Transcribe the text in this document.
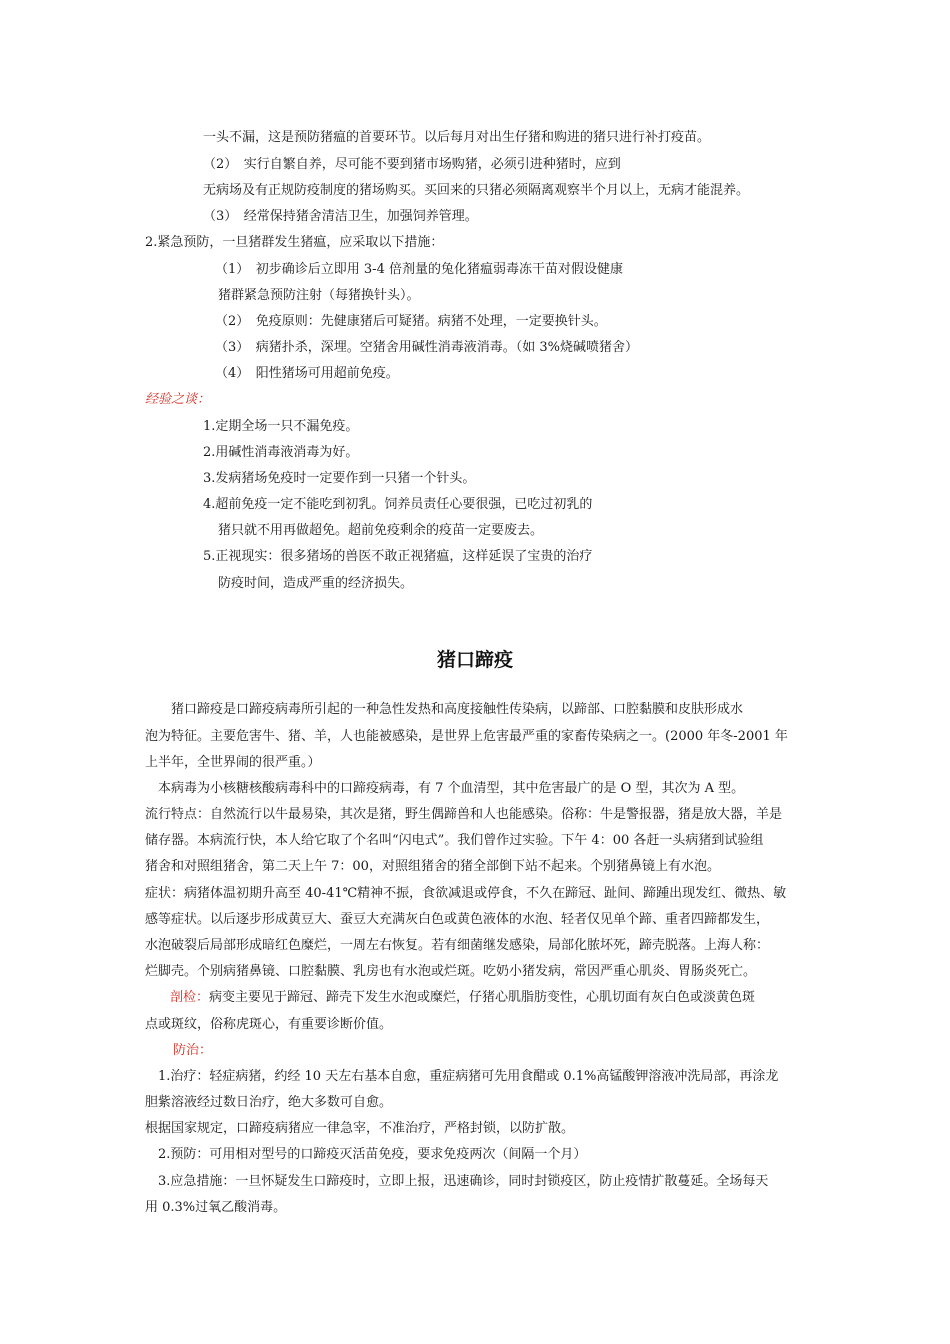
一头不漏，这是预防猪瘟的首要环节。以后每月对出生仔猪和购进的猪只进行补打疫苗。

（2）　实行自繁自养，尽可能不要到猪市场购猪，必须引进种猪时，应到

无病场及有正规防疫制度的猪场购买。买回来的只猪必须隔离观察半个月以上，无病才能混养。

（3）　经常保持猪舍清洁卫生，加强饲养管理。

2.紧急预防，一旦猪群发生猪瘟，应采取以下措施：

（1）　初步确诊后立即用 3-4 倍剂量的兔化猪瘟弱毒冻干苗对假设健康

猪群紧急预防注射（每猪换针头）。

（2）　免疫原则：先健康猪后可疑猪。病猪不处理，一定要换针头。

（3）　病猪扑杀，深埋。空猪舍用碱性消毒液消毒。（如 3%烧碱喷猪舍）

（4）　阳性猪场可用超前免疫。

经验之谈：

1.定期全场一只不漏免疫。

2.用碱性消毒液消毒为好。

3.发病猪场免疫时一定要作到一只猪一个针头。

4.超前免疫一定不能吃到初乳。饲养员责任心要很强，已吃过初乳的

猪只就不用再做超免。超前免疫剩余的疫苗一定要废去。

5.正视现实：很多猪场的兽医不敢正视猪瘟，这样延误了宝贵的治疗

防疫时间，造成严重的经济损失。

猪口蹄疫

　　猪口蹄疫是口蹄疫病毒所引起的一种急性发热和高度接触性传染病，以蹄部、口腔黏膜和皮肤形成水

泡为特征。主要危害牛、猪、羊，人也能被感染，是世界上危害最严重的家畜传染病之一。(2000 年冬-2001 年

上半年，全世界闹的很严重。）

　本病毒为小核糖核酸病毒科中的口蹄疫病毒，有 7 个血清型，其中危害最广的是 O 型，其次为 A 型。

流行特点：自然流行以牛最易染，其次是猪，野生偶蹄兽和人也能感染。俗称：牛是警报器，猪是放大器，羊是

储存器。本病流行快，本人给它取了个名叫“闪电式”。我们曾作过实验。下午 4：00 各赶一头病猪到试验组

猪舍和对照组猪舍，第二天上午 7：00，对照组猪舍的猪全部倒下站不起来。个别猪鼻镜上有水泡。

症状：病猪体温初期升高至 40-41℃精神不振，食欲减退或停食，不久在蹄冠、趾间、蹄踵出现发红、微热、敏

感等症状。以后逐步形成黄豆大、蚕豆大充满灰白色或黄色液体的水泡、轻者仅见单个蹄、重者四蹄都发生，

水泡破裂后局部形成暗红色糜烂，一周左右恢复。若有细菌继发感染，局部化脓坏死，蹄壳脱落。上海人称：

烂脚壳。个别病猪鼻镜、口腔黏膜、乳房也有水泡或烂斑。吃奶小猪发病，常因严重心肌炎、胃肠炎死亡。

剖检：病变主要见于蹄冠、蹄壳下发生水泡或糜烂，仔猪心肌脂肪变性，心肌切面有灰白色或淡黄色斑

点或斑纹，俗称虎斑心，有重要诊断价值。

防治：

　1.治疗：轻症病猪，约经 10 天左右基本自愈，重症病猪可先用食醋或 0.1%高锰酸钾溶液冲洗局部，再涂龙

胆紫溶液经过数日治疗，绝大多数可自愈。

根据国家规定，口蹄疫病猪应一律急宰，不准治疗，严格封锁，以防扩散。

　2.预防：可用相对型号的口蹄疫灭活苗免疫，要求免疫两次（间隔一个月）

　3.应急措施：一旦怀疑发生口蹄疫时，立即上报，迅速确诊，同时封锁疫区，防止疫情扩散蔓延。全场每天

用 0.3%过氧乙酸消毒。
